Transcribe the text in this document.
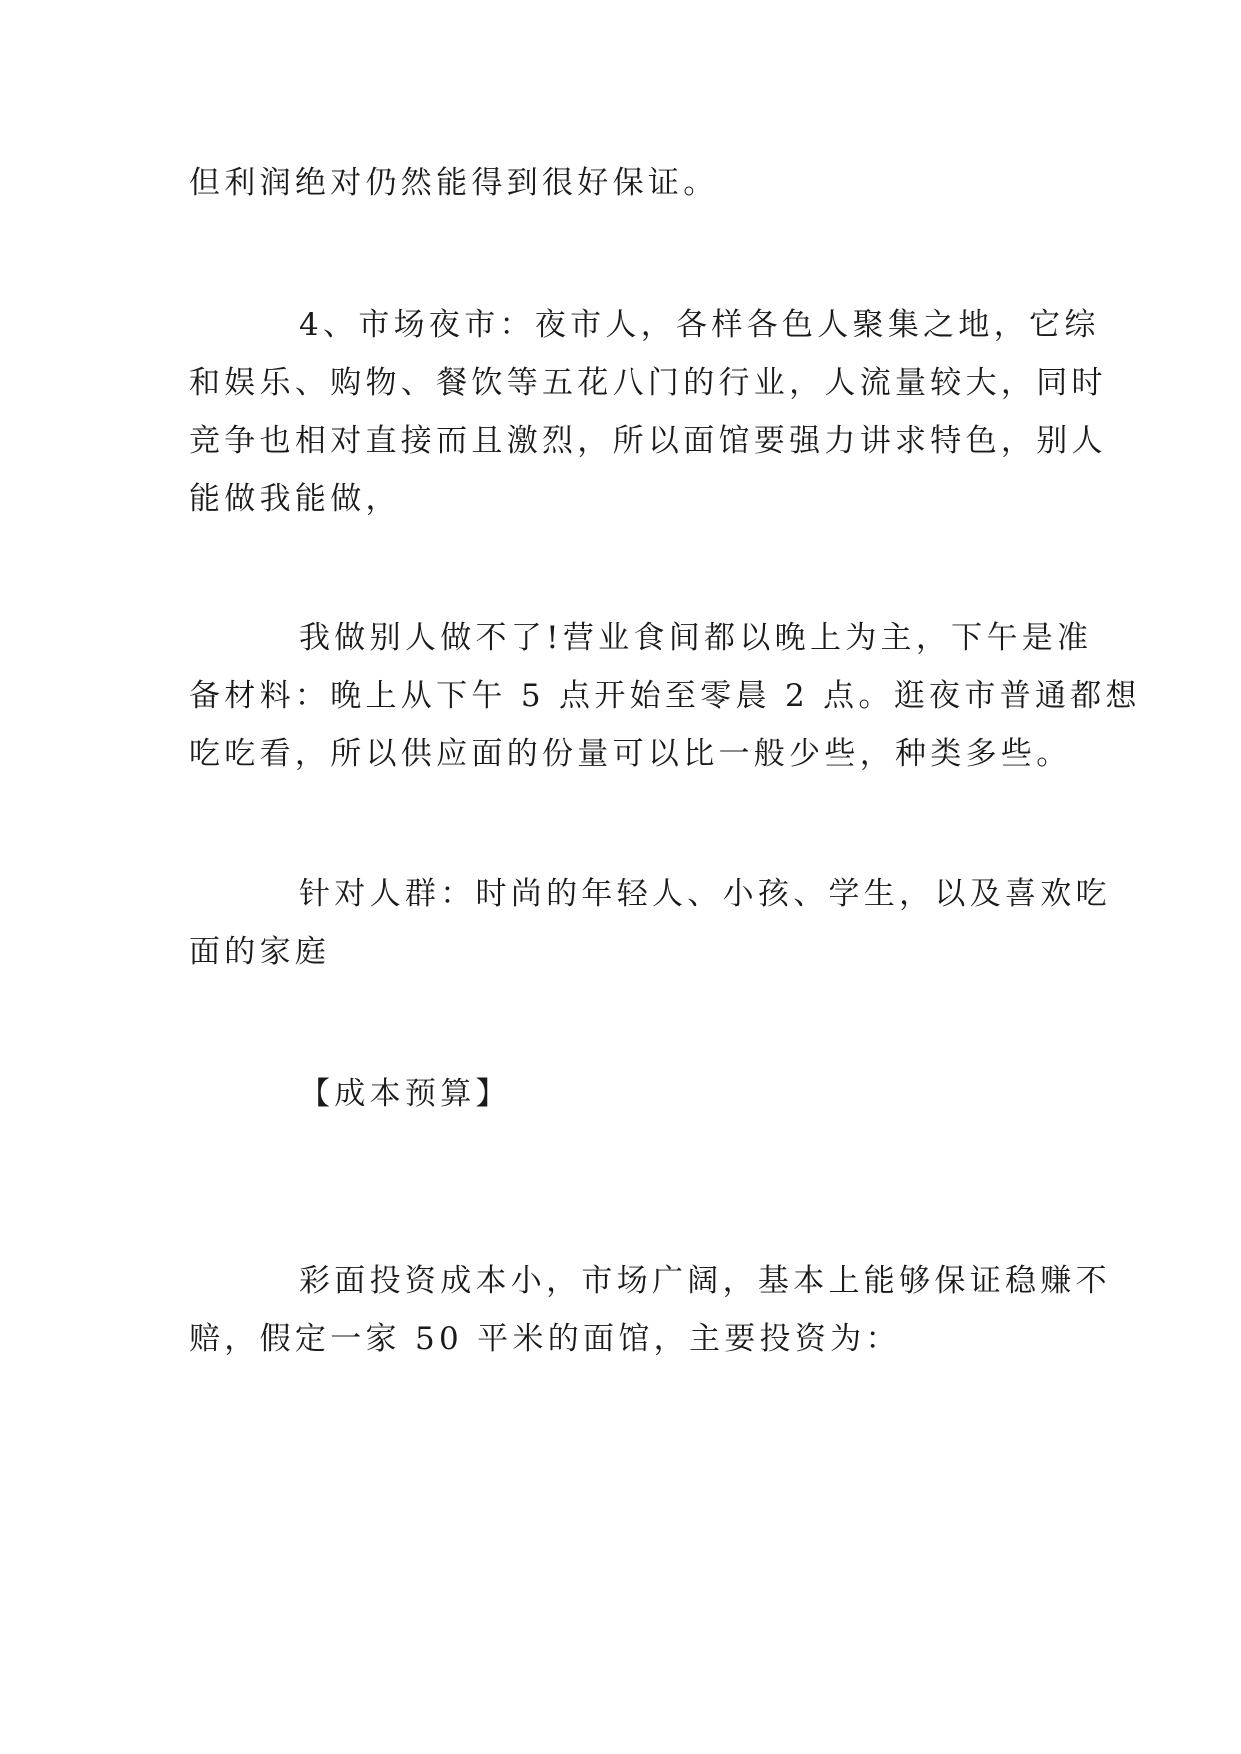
但利润绝对仍然能得到很好保证。

4、市场夜市：夜市人，各样各色人聚集之地，它综
和娱乐、购物、餐饮等五花八门的行业，人流量较大，同时
竞争也相对直接而且激烈，所以面馆要强力讲求特色，别人
能做我能做，

我做别人做不了!营业食间都以晚上为主，下午是准
备材料：晚上从下午 5 点开始至零晨 2 点。逛夜市普通都想
吃吃看，所以供应面的份量可以比一般少些，种类多些。

针对人群：时尚的年轻人、小孩、学生，以及喜欢吃
面的家庭

【成本预算】

彩面投资成本小，市场广阔，基本上能够保证稳赚不
赔，假定一家 50 平米的面馆，主要投资为：
